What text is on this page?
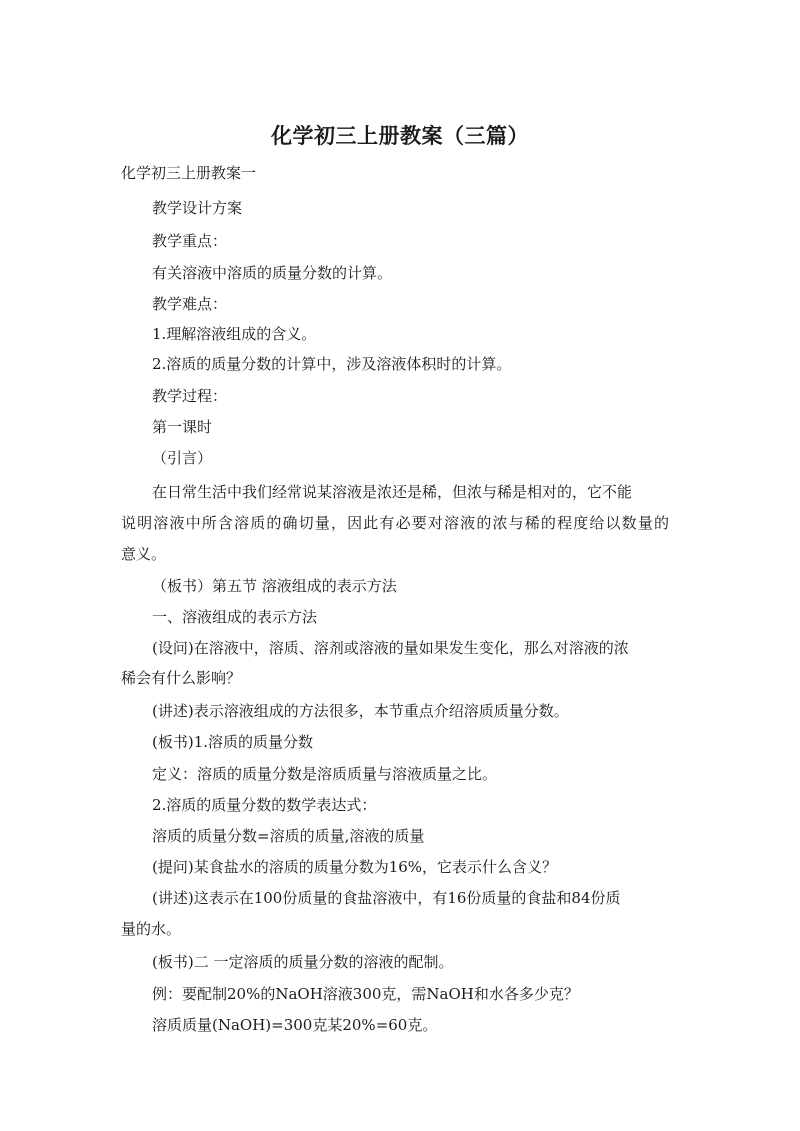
化学初三上册教案（三篇）
化学初三上册教案一
教学设计方案
教学重点：
有关溶液中溶质的质量分数的计算。
教学难点：
1.理解溶液组成的含义。
2.溶质的质量分数的计算中，涉及溶液体积时的计算。
教学过程：
第一课时
（引言）
在日常生活中我们经常说某溶液是浓还是稀，但浓与稀是相对的，它不能
说明溶液中所含溶质的确切量，因此有必要对溶液的浓与稀的程度给以数量的
意义。
（板书）第五节 溶液组成的表示方法
一、溶液组成的表示方法
(设问)在溶液中，溶质、溶剂或溶液的量如果发生变化，那么对溶液的浓
稀会有什么影响？
(讲述)表示溶液组成的方法很多，本节重点介绍溶质质量分数。
(板书)1.溶质的质量分数
定义：溶质的质量分数是溶质质量与溶液质量之比。
2.溶质的质量分数的数学表达式：
溶质的质量分数=溶质的质量,溶液的质量
(提问)某食盐水的溶质的质量分数为16%，它表示什么含义？
(讲述)这表示在100份质量的食盐溶液中，有16份质量的食盐和84份质
量的水。
(板书)二 一定溶质的质量分数的溶液的配制。
例：要配制20%的NaOH溶液300克，需NaOH和水各多少克？
溶质质量(NaOH)=300克某20%=60克。
